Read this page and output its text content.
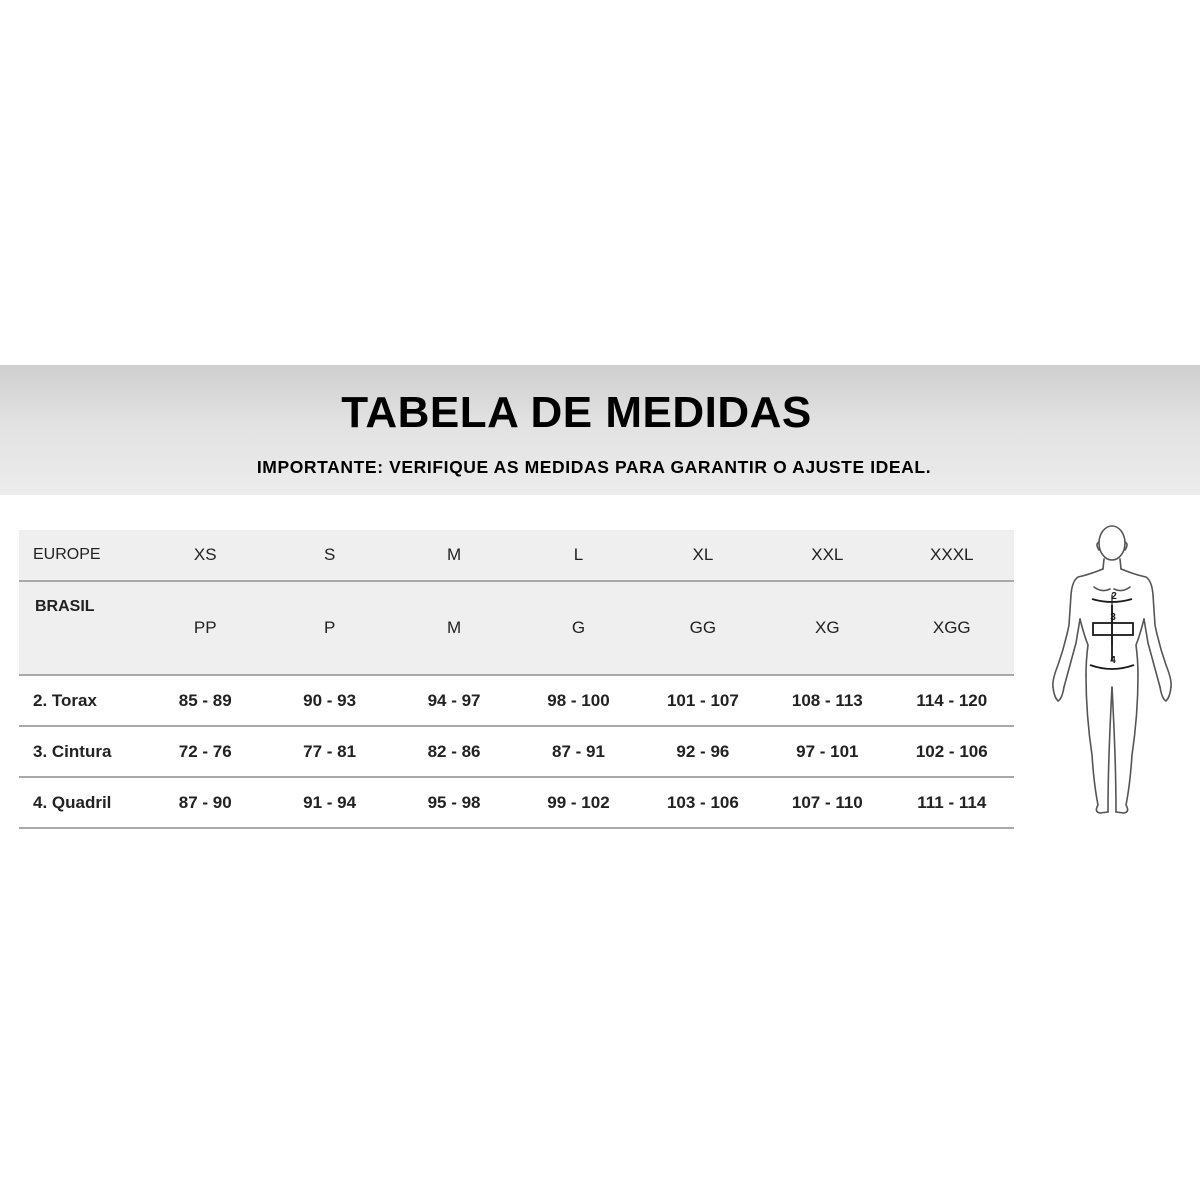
TABELA DE MEDIDAS
IMPORTANTE: VERIFIQUE AS MEDIDAS PARA GARANTIR O AJUSTE IDEAL.
EUROPE	XS	S	M	L	XL	XXL	XXXL
BRASIL	PP	P	M	G	GG	XG	XGG
2. Torax	85 - 89	90 - 93	94 - 97	98 - 100	101 - 107	108 - 113	114 - 120
3. Cintura	72 - 76	77 - 81	82 - 86	87 - 91	92 - 96	97 - 101	102 - 106
4. Quadril	87 - 90	91 - 94	95 - 98	99 - 102	103 - 106	107 - 110	111 - 114
2
3
4
